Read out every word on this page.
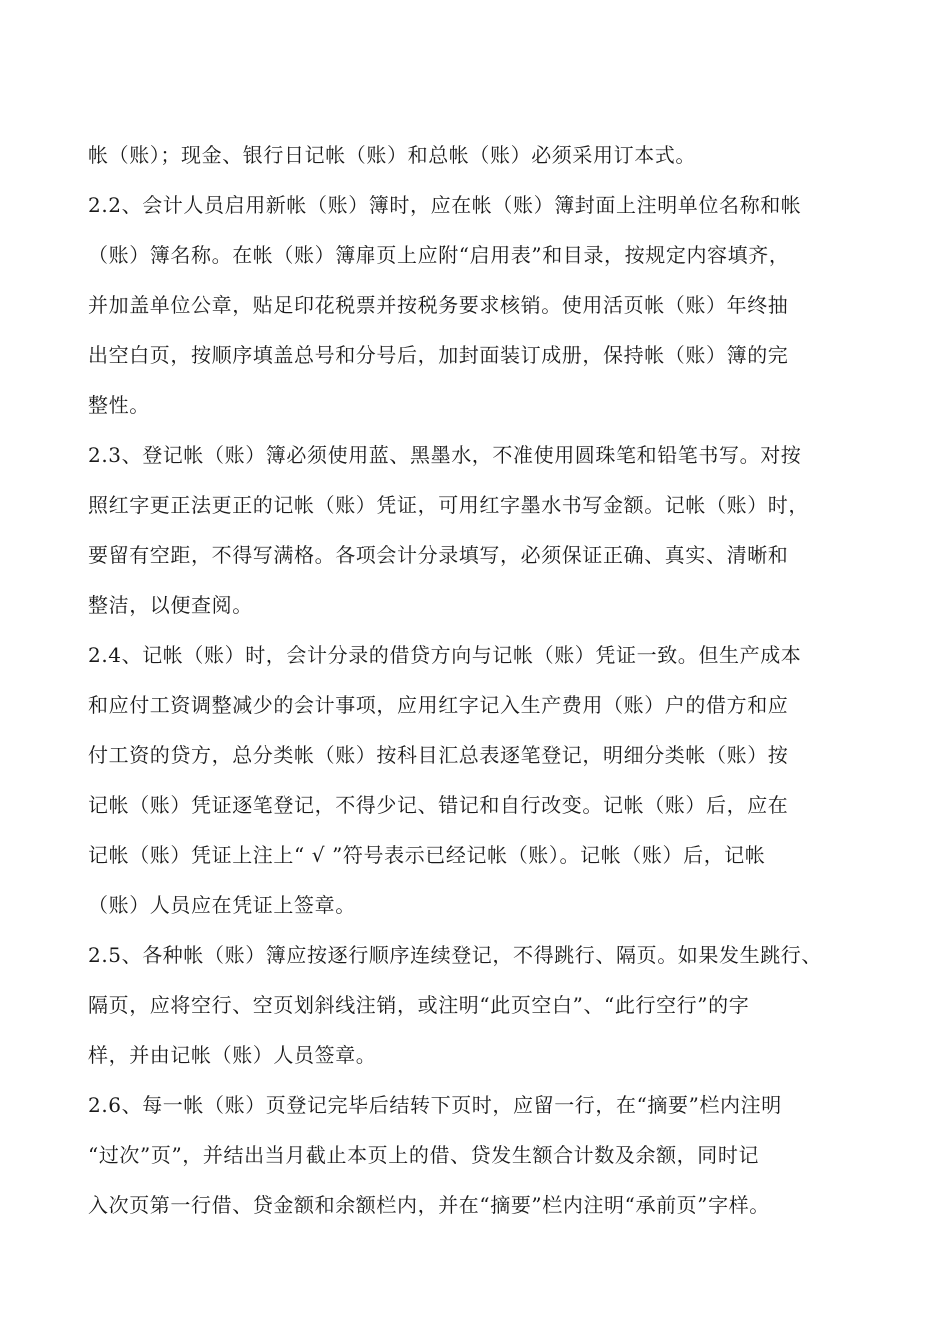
帐（账）；现金、银行日记帐（账）和总帐（账）必须采用订本式。
2.2、会计人员启用新帐（账）簿时，应在帐（账）簿封面上注明单位名称和帐
（账）簿名称。在帐（账）簿扉页上应附“启用表”和目录，按规定内容填齐，
并加盖单位公章，贴足印花税票并按税务要求核销。使用活页帐（账）年终抽
出空白页，按顺序填盖总号和分号后，加封面装订成册，保持帐（账）簿的完
整性。
2.3、登记帐（账）簿必须使用蓝、黑墨水，不准使用圆珠笔和铅笔书写。对按
照红字更正法更正的记帐（账）凭证，可用红字墨水书写金额。记帐（账）时，
要留有空距，不得写满格。各项会计分录填写，必须保证正确、真实、清晰和
整洁，以便查阅。
2.4、记帐（账）时，会计分录的借贷方向与记帐（账）凭证一致。但生产成本
和应付工资调整减少的会计事项，应用红字记入生产费用（账）户的借方和应
付工资的贷方，总分类帐（账）按科目汇总表逐笔登记，明细分类帐（账）按
记帐（账）凭证逐笔登记，不得少记、错记和自行改变。记帐（账）后，应在
记帐（账）凭证上注上“ √ ”符号表示已经记帐（账）。记帐（账）后，记帐
（账）人员应在凭证上签章。
2.5、各种帐（账）簿应按逐行顺序连续登记，不得跳行、隔页。如果发生跳行、
隔页，应将空行、空页划斜线注销，或注明“此页空白”、“此行空行”的字
样，并由记帐（账）人员签章。
2.6、每一帐（账）页登记完毕后结转下页时，应留一行，在“摘要”栏内注明
“过次”页”，并结出当月截止本页上的借、贷发生额合计数及余额，同时记
入次页第一行借、贷金额和余额栏内，并在“摘要”栏内注明“承前页”字样。
